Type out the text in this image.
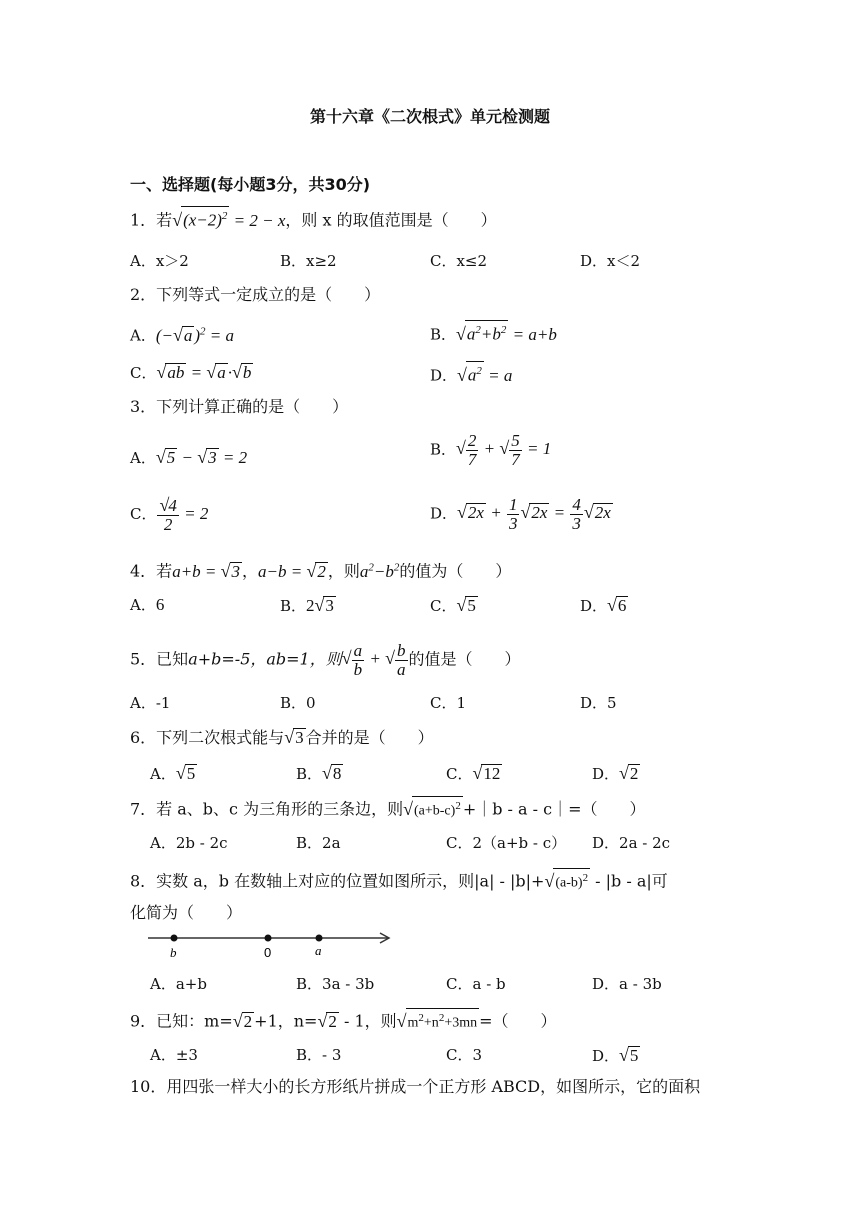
第十六章《二次根式》单元检测题
一、选择题(每小题3分，共30分)
1．若$√(x-2)^2 = 2 - x$，则 x 的取值范围是（　　）
A．x＞2	B．x≥2	C．x≤2	D．x＜2
2．下列等式一定成立的是（　　）
A．(−√a )$^2$ = a	B．$√a^2+b^2 = a+b$
C．√ab = √a ·√b	D．$√a^2 = a$
3．下列计算正确的是（　　）
A．√5 − √3 = 2	B．√ $\frac{2}{7}$ + √ $\frac{5}{7} = 1$
C． $\frac{√4}{2} = 2$	D．$√2x + \frac{1}{3} √2x = \frac{4}{3} √2x$
4．若a+b = √3 ，a−b = √2 ，则$a^2-b^2$的值为（　　）
A．6	B．2√3	C．√5	D．√6
5．已知a+b=-5，ab=1，则√ $\frac{a}{b}$ + √ $\frac{b}{a}$ 的值是（　　）
A．-1	B．0	C．1	D．5
6．下列二次根式能与√3 合并的是（　　）
A．√5	B．√8	C．√12	D．√2
7．若 a、b、c 为三角形的三条边，则$√(a+b-c)^2$ +｜b - a - c｜=（　　）
A．2b - 2c	B．2a	C．2（a+b - c） D．2a - 2c
8．实数 a，b 在数轴上对应的位置如图所示，则$|a| - |b|+√(a-b)^2 - |b - a|$可
化简为（　　）
b	0	a
A．a+b	B．3a - 3b	C．a - b	D．a - 3b
9．已知：m=√2 +1，n=√2 - 1，则$√m^2+n^2+3mn$ =（　　）
A．±3	B．- 3	C．3	D．√5
10．用四张一样大小的长方形纸片拼成一个正方形 ABCD，如图所示，它的面积
